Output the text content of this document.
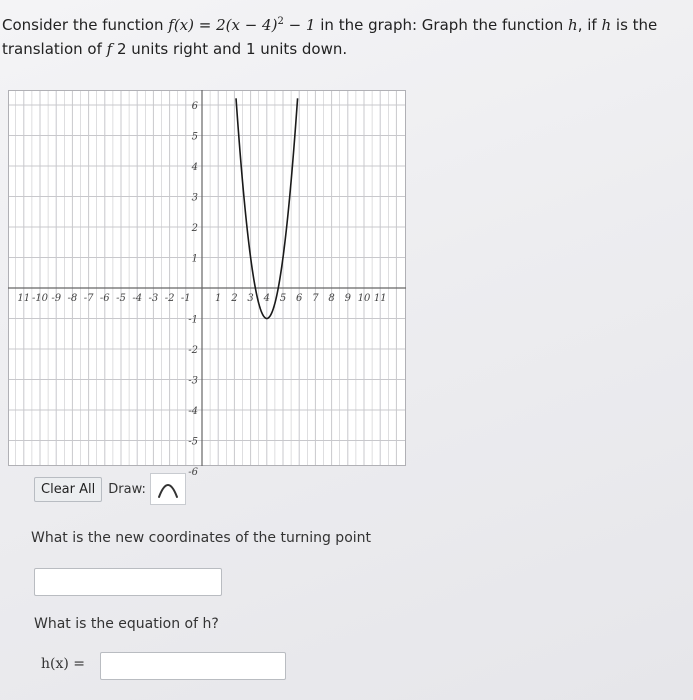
Consider the function $f(x) = 2(x - 4)^2 - 1$ in the graph: Graph the function h, if h is the translation of f 2 units right and 1 units down.
11 -10 -9 -8 -7 -6 -5 -4 -3 -2 -1 1 2 3 4 5 6 7 8 9 10 11
6
5
4
3
2
1
-1
-2
-3
-4
-5
-6
Clear All	Draw:
What is the new coordinates of the turning point
What is the equation of h?
h(x) =
